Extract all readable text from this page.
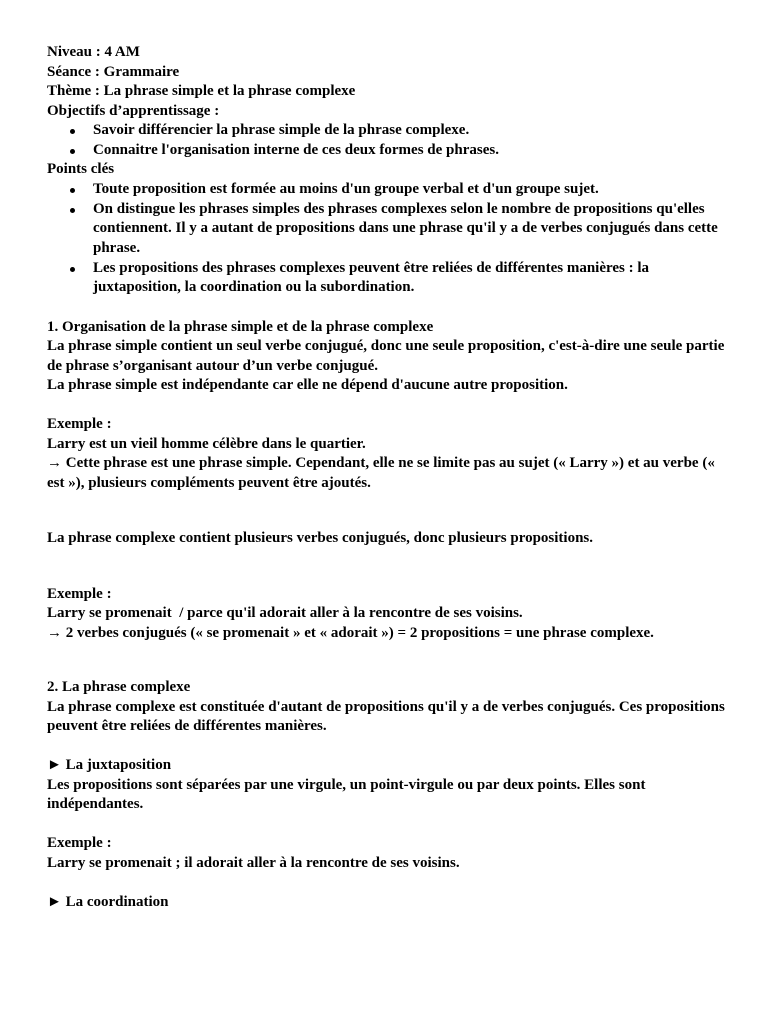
Niveau : 4 AM
Séance : Grammaire
Thème : La phrase simple et la phrase complexe
Objectifs d’apprentissage :
Savoir différencier la phrase simple de la phrase complexe.
Connaitre l'organisation interne de ces deux formes de phrases.
Points clés
Toute proposition est formée au moins d'un groupe verbal et d'un groupe sujet.
On distingue les phrases simples des phrases complexes selon le nombre de propositions qu'elles contiennent. Il y a autant de propositions dans une phrase qu'il y a de verbes conjugués dans cette phrase.
Les propositions des phrases complexes peuvent être reliées de différentes manières : la juxtaposition, la coordination ou la subordination.
1. Organisation de la phrase simple et de la phrase complexe
La phrase simple contient un seul verbe conjugué, donc une seule proposition, c'est-à-dire une seule partie de phrase s’organisant autour d’un verbe conjugué.
La phrase simple est indépendante car elle ne dépend d'aucune autre proposition.
Exemple :
Larry est un vieil homme célèbre dans le quartier.
→ Cette phrase est une phrase simple. Cependant, elle ne se limite pas au sujet (« Larry ») et au verbe (« est »), plusieurs compléments peuvent être ajoutés.
La phrase complexe contient plusieurs verbes conjugués, donc plusieurs propositions.
Exemple :
Larry se promenait  / parce qu'il adorait aller à la rencontre de ses voisins.
→ 2 verbes conjugués (« se promenait » et « adorait ») = 2 propositions = une phrase complexe.
2. La phrase complexe
La phrase complexe est constituée d'autant de propositions qu'il y a de verbes conjugués. Ces propositions peuvent être reliées de différentes manières.
► La juxtaposition
Les propositions sont séparées par une virgule, un point-virgule ou par deux points. Elles sont indépendantes.
Exemple :
Larry se promenait ; il adorait aller à la rencontre de ses voisins.
► La coordination
